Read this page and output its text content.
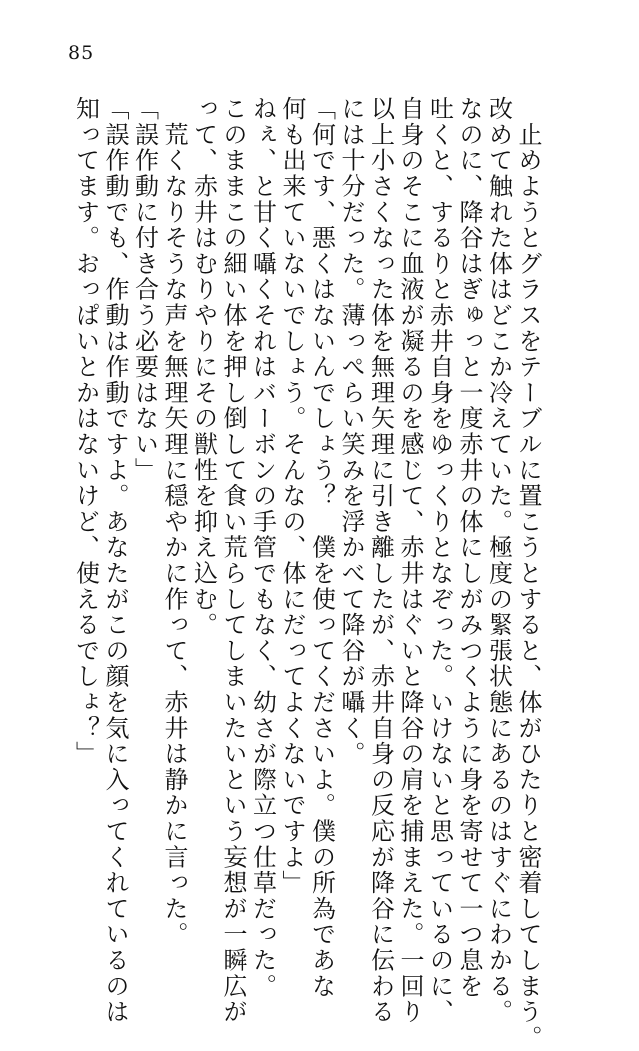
85
　止めようとグラスをテーブルに置こうとすると、体がひたりと密着してしまう。
改めて触れた体はどこか冷えていた。極度の緊張状態にあるのはすぐにわかる。
なのに、降谷はぎゅっと一度赤井の体にしがみつくように身を寄せて一つ息を
吐くと、するりと赤井自身をゆっくりとなぞった。いけないと思っているのに、
自身のそこに血液が凝るのを感じて、赤井はぐいと降谷の肩を捕まえた。一回り
以上小さくなった体を無理矢理に引き離したが、赤井自身の反応が降谷に伝わる
には十分だった。薄っぺらい笑みを浮かべて降谷が囁く。
「何です、悪くはないんでしょう？　僕を使ってくださいよ。僕の所為であな
何も出来ていないでしょう。そんなの、体にだってよくないですよ」
ねぇ、と甘く囁くそれはバーボンの手管でもなく、幼さが際立つ仕草だった。
このままこの細い体を押し倒して食い荒らしてしまいたいという妄想が一瞬広が
って、赤井はむりやりにその獣性を抑え込む。
　荒くなりそうな声を無理矢理に穏やかに作って、赤井は静かに言った。
「誤作動に付き合う必要はない」
「誤作動でも、作動は作動ですよ。あなたがこの顔を気に入ってくれているのは
知ってます。おっぱいとかはないけど、使えるでしょ？」
